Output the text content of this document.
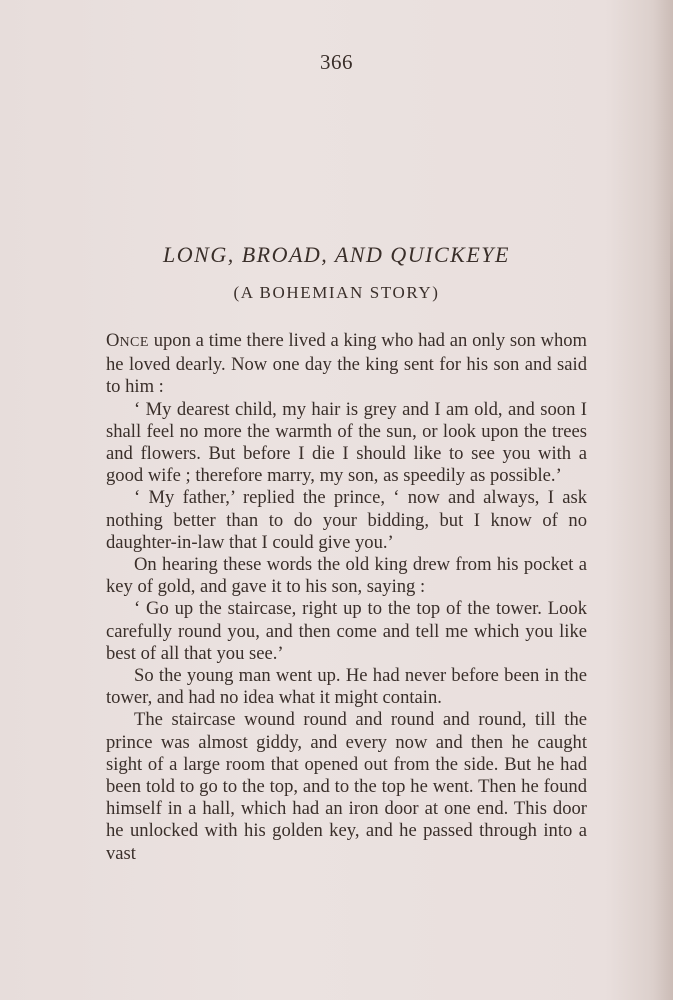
366
LONG, BROAD, AND QUICKEYE
(A BOHEMIAN STORY)

ONCE upon a time there lived a king who had an only son whom he loved dearly. Now one day the king sent for his son and said to him :

‘ My dearest child, my hair is grey and I am old, and soon I shall feel no more the warmth of the sun, or look upon the trees and flowers. But before I die I should like to see you with a good wife ; therefore marry, my son, as speedily as possible.’

‘ My father,’ replied the prince, ‘ now and always, I ask nothing better than to do your bidding, but I know of no daughter-in-law that I could give you.’

On hearing these words the old king drew from his pocket a key of gold, and gave it to his son, saying :

‘ Go up the staircase, right up to the top of the tower. Look carefully round you, and then come and tell me which you like best of all that you see.’

So the young man went up. He had never before been in the tower, and had no idea what it might contain.

The staircase wound round and round and round, till the prince was almost giddy, and every now and then he caught sight of a large room that opened out from the side. But he had been told to go to the top, and to the top he went. Then he found himself in a hall, which had an iron door at one end. This door he unlocked with his golden key, and he passed through into a vast
